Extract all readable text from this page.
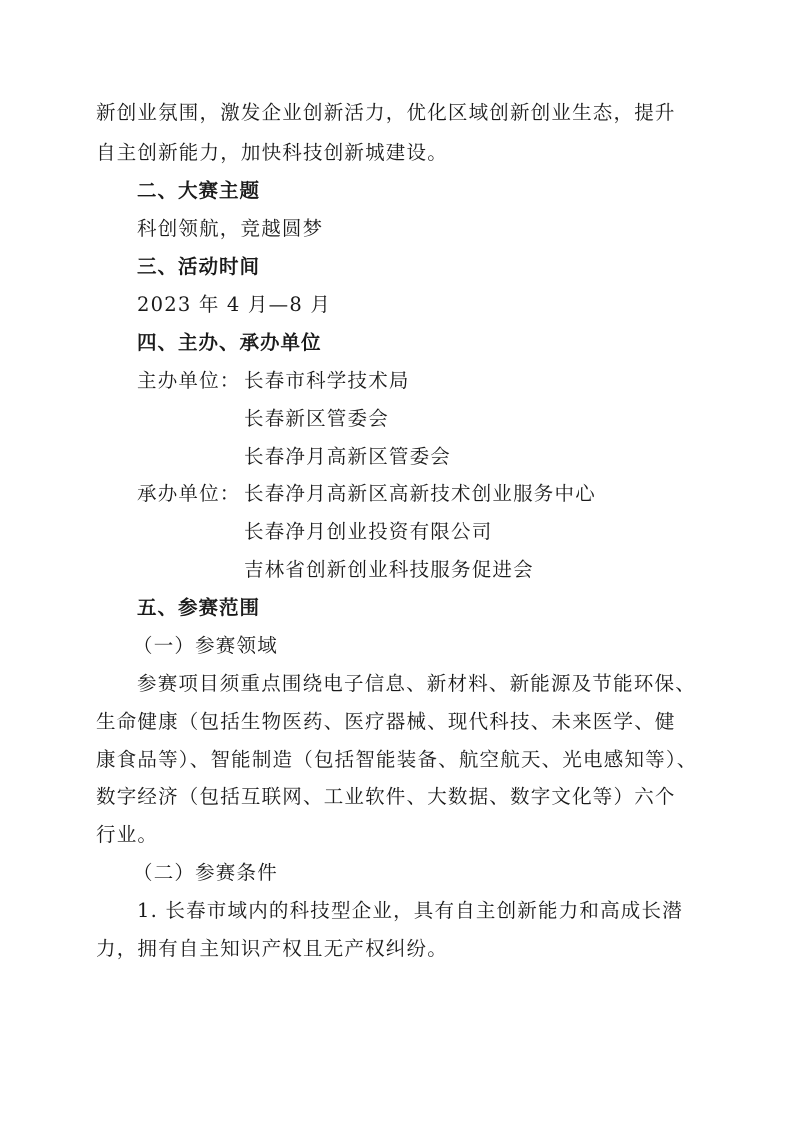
新创业氛围，激发企业创新活力，优化区域创新创业生态，提升
自主创新能力，加快科技创新城建设。
二、大赛主题
科创领航，竞越圆梦
三、活动时间
2023 年 4 月—8 月
四、主办、承办单位
主办单位： 长春市科学技术局
长春新区管委会
长春净月高新区管委会
承办单位： 长春净月高新区高新技术创业服务中心
长春净月创业投资有限公司
吉林省创新创业科技服务促进会
五、参赛范围
（一）参赛领域
参赛项目须重点围绕电子信息、新材料、新能源及节能环保、
生命健康（包括生物医药、医疗器械、现代科技、未来医学、健
康食品等）、智能制造（包括智能装备、航空航天、光电感知等）、
数字经济（包括互联网、工业软件、大数据、数字文化等）六个
行业。
（二）参赛条件
1. 长春市域内的科技型企业，具有自主创新能力和高成长潜
力，拥有自主知识产权且无产权纠纷。
